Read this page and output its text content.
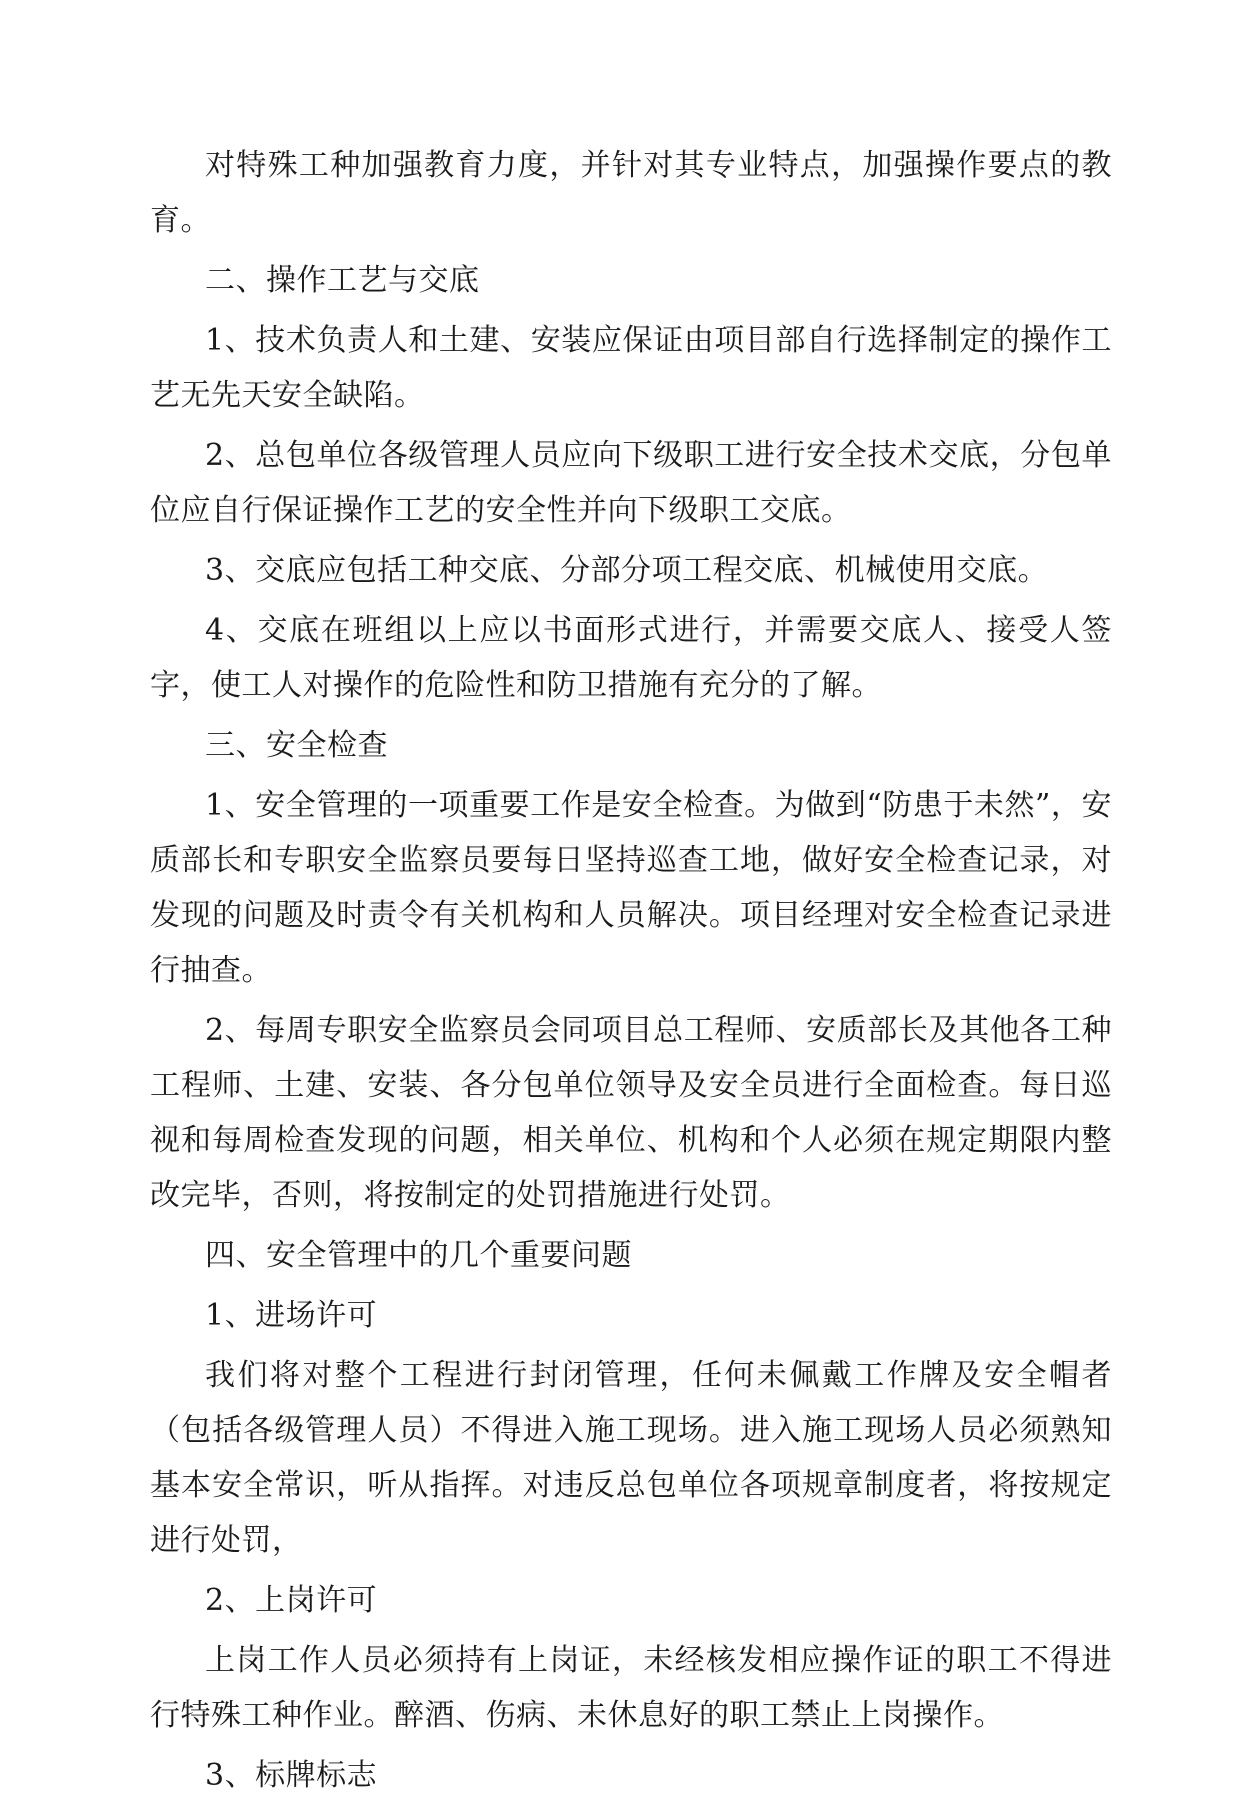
对特殊工种加强教育力度，并针对其专业特点，加强操作要点的教育。

二、操作工艺与交底

1、技术负责人和土建、安装应保证由项目部自行选择制定的操作工艺无先天安全缺陷。

2、总包单位各级管理人员应向下级职工进行安全技术交底，分包单位应自行保证操作工艺的安全性并向下级职工交底。

3、交底应包括工种交底、分部分项工程交底、机械使用交底。

4、交底在班组以上应以书面形式进行，并需要交底人、接受人签字，使工人对操作的危险性和防卫措施有充分的了解。

三、安全检查

1、安全管理的一项重要工作是安全检查。为做到“防患于未然”，安质部长和专职安全监察员要每日坚持巡查工地，做好安全检查记录，对发现的问题及时责令有关机构和人员解决。项目经理对安全检查记录进行抽查。

2、每周专职安全监察员会同项目总工程师、安质部长及其他各工种工程师、土建、安装、各分包单位领导及安全员进行全面检查。每日巡视和每周检查发现的问题，相关单位、机构和个人必须在规定期限内整改完毕，否则，将按制定的处罚措施进行处罚。

四、安全管理中的几个重要问题

1、进场许可

我们将对整个工程进行封闭管理，任何未佩戴工作牌及安全帽者（包括各级管理人员）不得进入施工现场。进入施工现场人员必须熟知基本安全常识，听从指挥。对违反总包单位各项规章制度者，将按规定进行处罚，

2、上岗许可

上岗工作人员必须持有上岗证，未经核发相应操作证的职工不得进行特殊工种作业。醉酒、伤病、未休息好的职工禁止上岗操作。

3、标牌标志
